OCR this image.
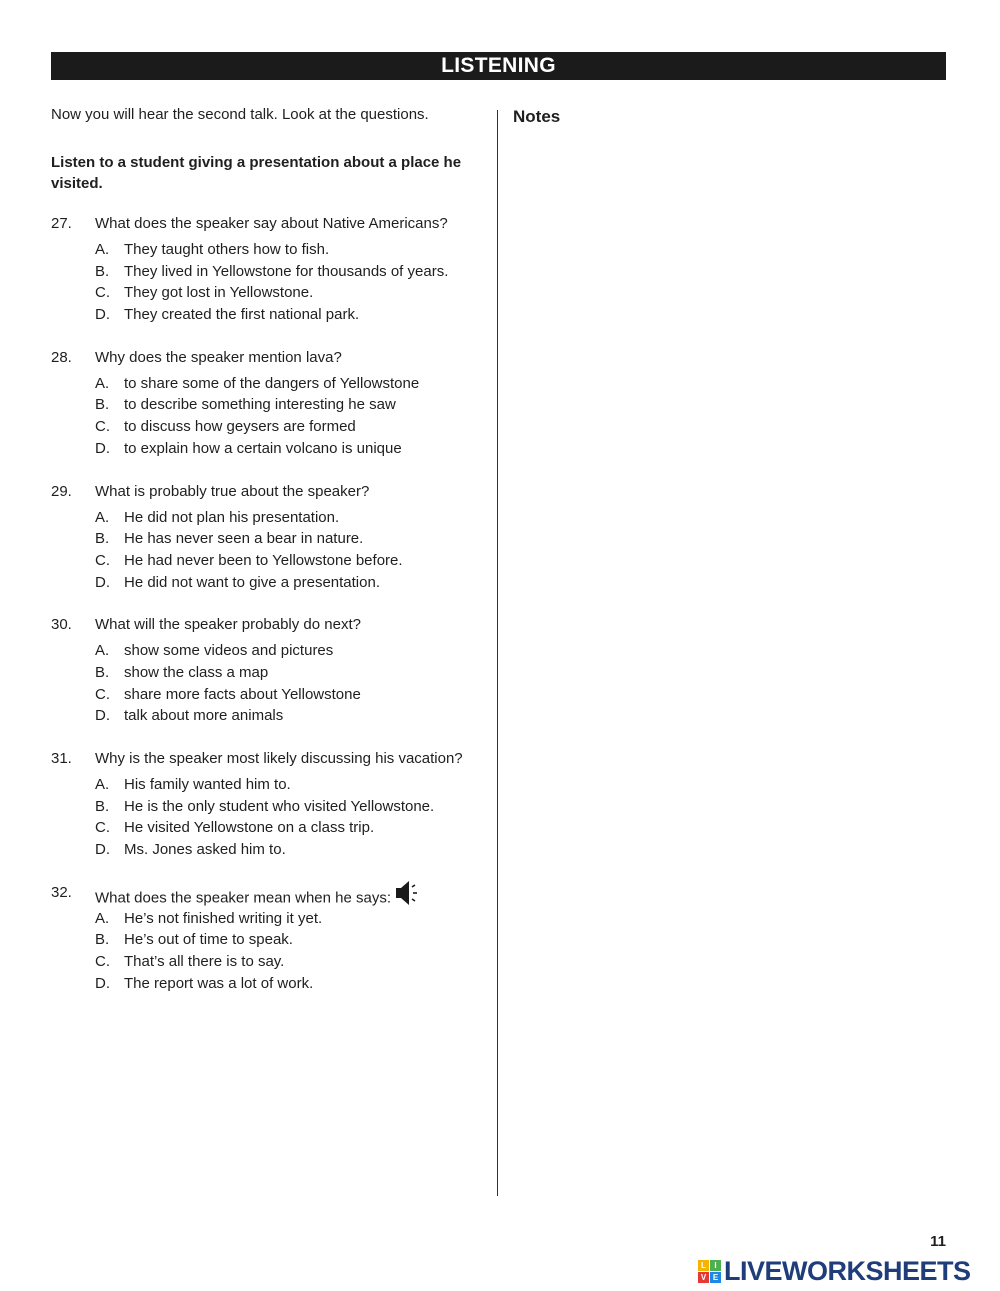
LISTENING

Now you will hear the second talk. Look at the questions.

Listen to a student giving a presentation about a place he visited.

27. What does the speaker say about Native Americans?
A. They taught others how to fish.
B. They lived in Yellowstone for thousands of years.
C. They got lost in Yellowstone.
D. They created the first national park.
28. Why does the speaker mention lava?
A. to share some of the dangers of Yellowstone
B. to describe something interesting he saw
C. to discuss how geysers are formed
D. to explain how a certain volcano is unique
29. What is probably true about the speaker?
A. He did not plan his presentation.
B. He has never seen a bear in nature.
C. He had never been to Yellowstone before.
D. He did not want to give a presentation.
30. What will the speaker probably do next?
A. show some videos and pictures
B. show the class a map
C. share more facts about Yellowstone
D. talk about more animals
31. Why is the speaker most likely discussing his vacation?
A. His family wanted him to.
B. He is the only student who visited Yellowstone.
C. He visited Yellowstone on a class trip.
D. Ms. Jones asked him to.
32. What does the speaker mean when he says:
A. He’s not finished writing it yet.
B. He’s out of time to speak.
C. That’s all there is to say.
D. The report was a lot of work.
Notes
11
L	I
V E LIVEWORKSHEETS
